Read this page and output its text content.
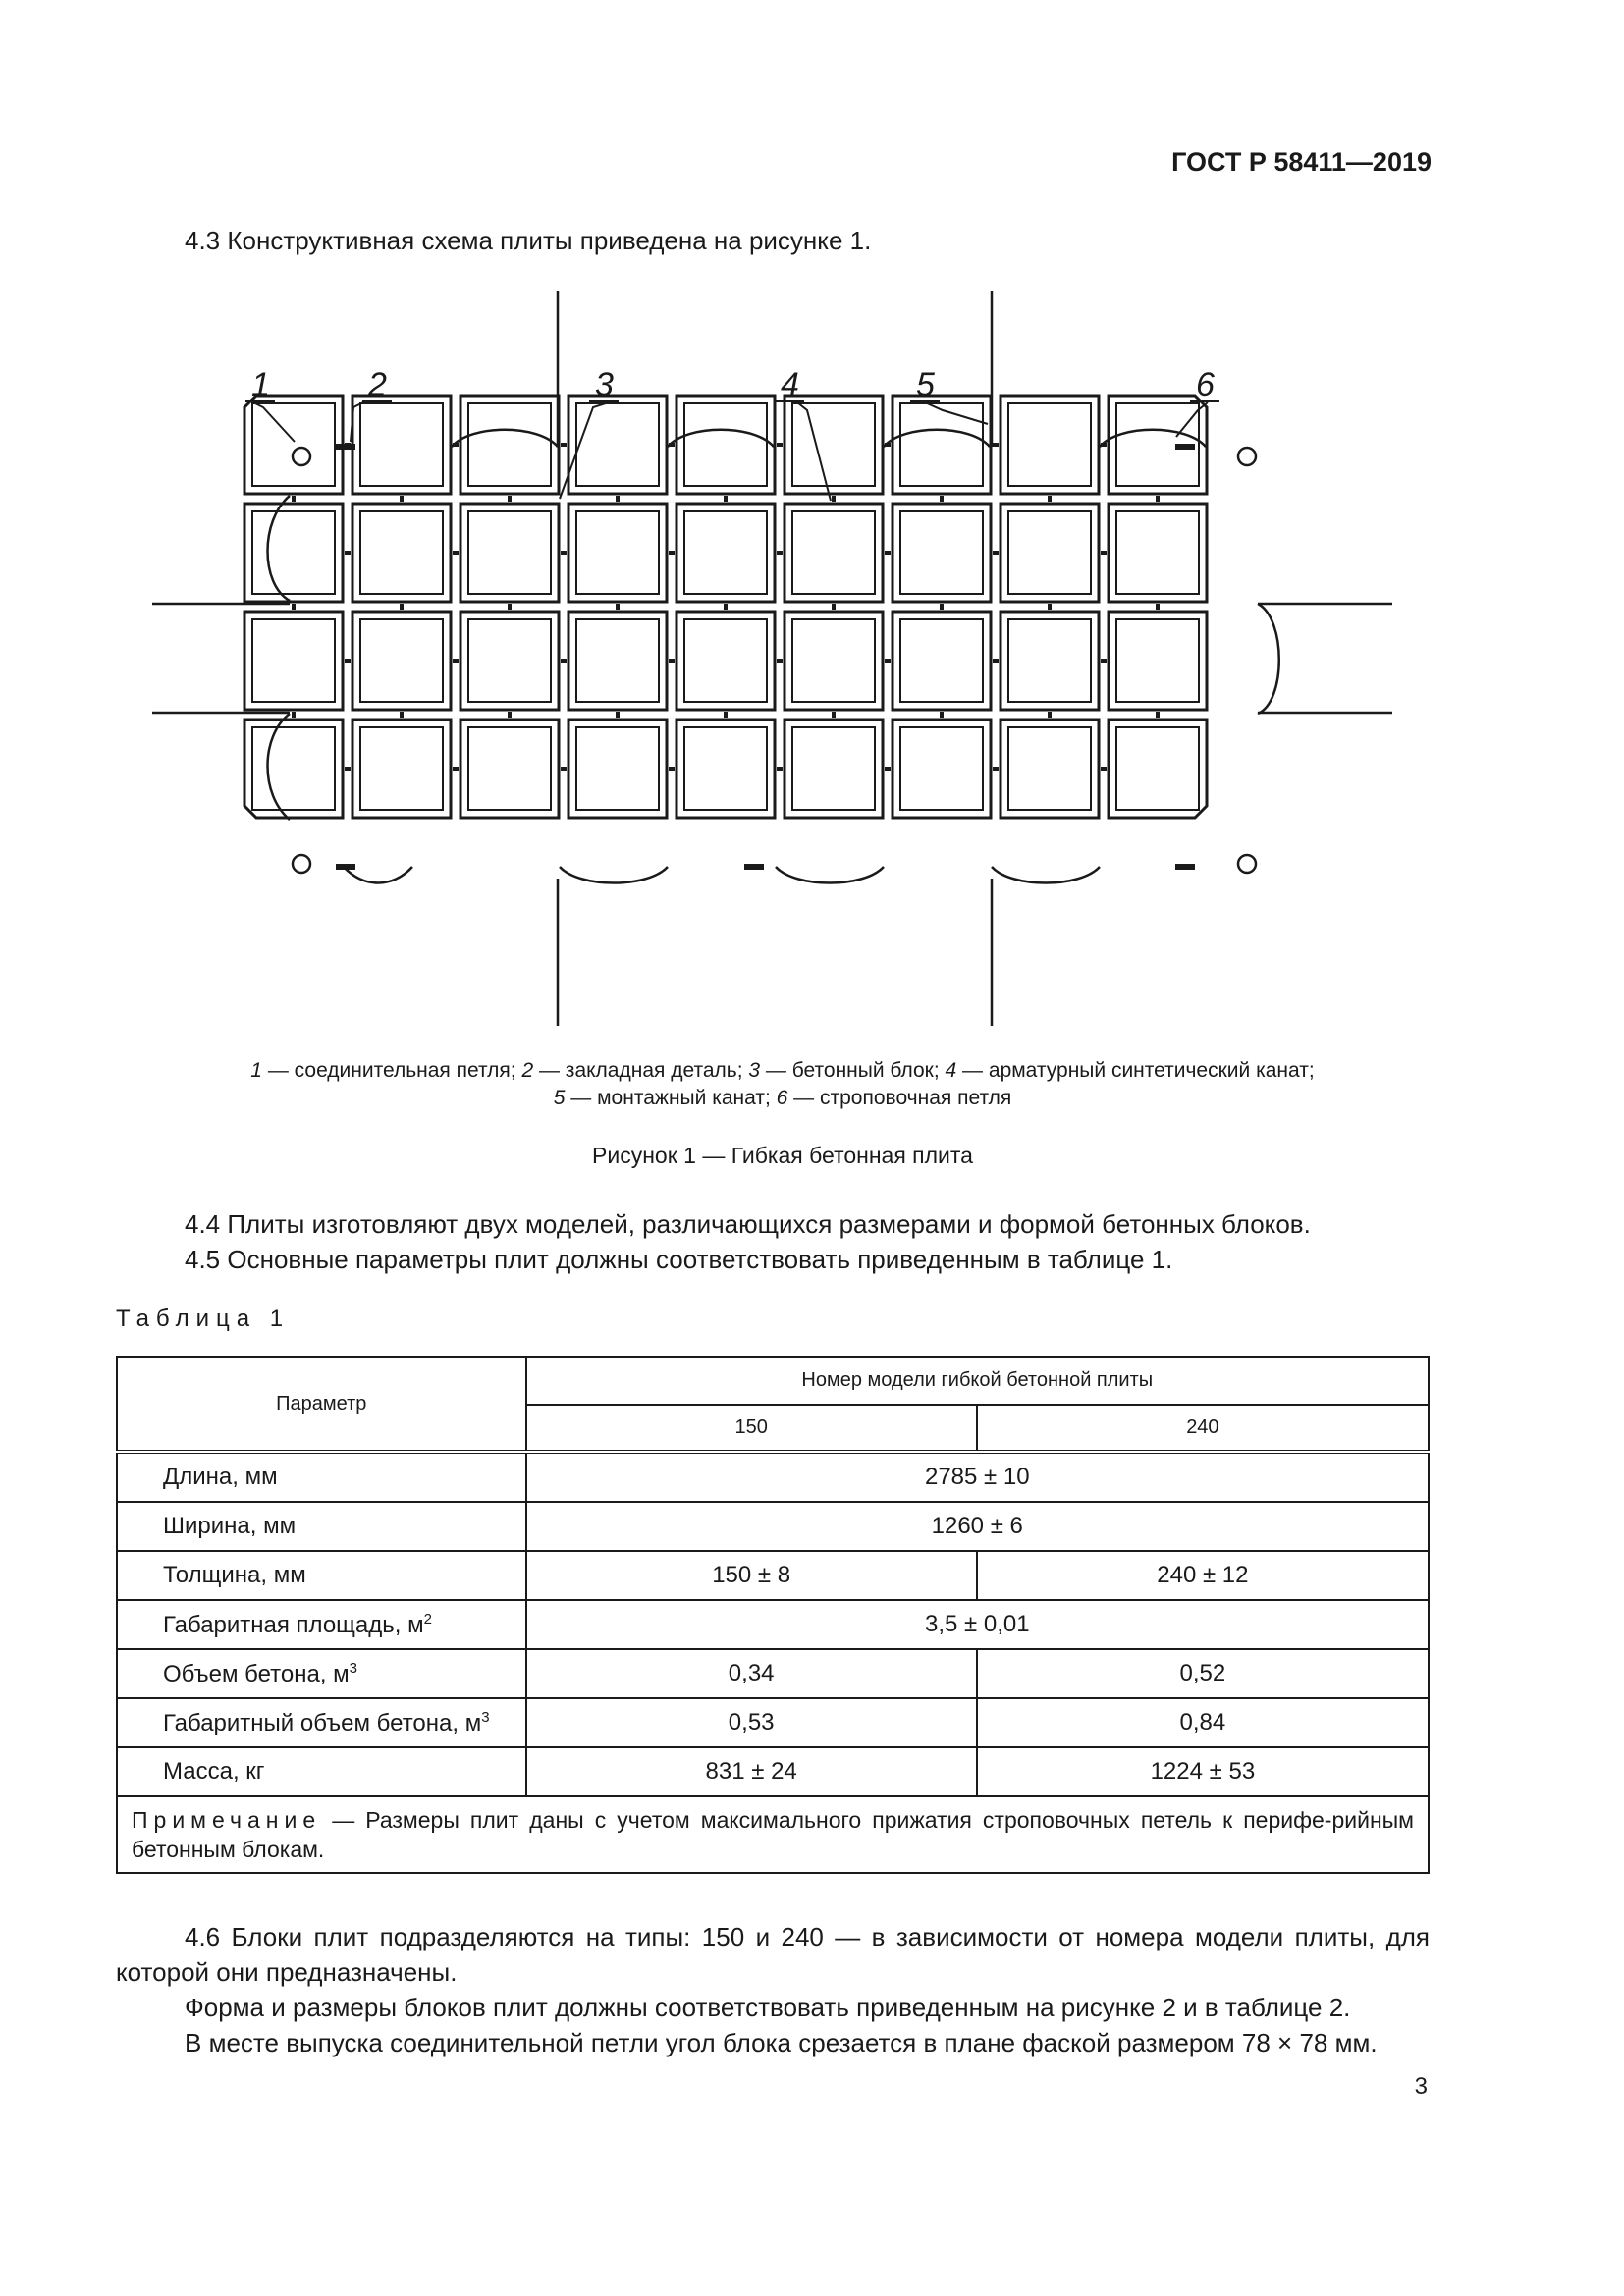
ГОСТ Р 58411—2019
4.3 Конструктивная схема плиты приведена на рисунке 1.
1	2	3	4	5	6
1 — соединительная петля; 2 — закладная деталь; 3 — бетонный блок; 4 — арматурный синтетический канат;
5 — монтажный канат; 6 — строповочная петля
Рисунок 1 — Гибкая бетонная плита
4.4 Плиты изготовляют двух моделей, различающихся размерами и формой бетонных блоков.
4.5 Основные параметры плит должны соответствовать приведенным в таблице 1.
Таблица 1
Параметр	Номер модели гибкой бетонной плиты	
	150	240
Длина, мм	2785 ± 10	
Ширина, мм	1260 ± 6	
Толщина, мм	150 ± 8	240 ± 12
Габаритная площадь, $м^2$	3,5 ± 0,01	
Объем бетона, $м^3$	0,34	0,52
Габаритный объем бетона, $м^3$	0,53	0,84
Масса, кг	831 ± 24	1224 ± 53
Примечание — Размеры плит даны с учетом максимального прижатия строповочных петель к перифе-рийным бетонным блокам.		
4.6 Блоки плит подразделяются на типы: 150 и 240 — в зависимости от номера модели плиты, для которой они предназначены.
Форма и размеры блоков плит должны соответствовать приведенным на рисунке 2 и в таблице 2.
В месте выпуска соединительной петли угол блока срезается в плане фаской размером 78 × 78 мм.
3
